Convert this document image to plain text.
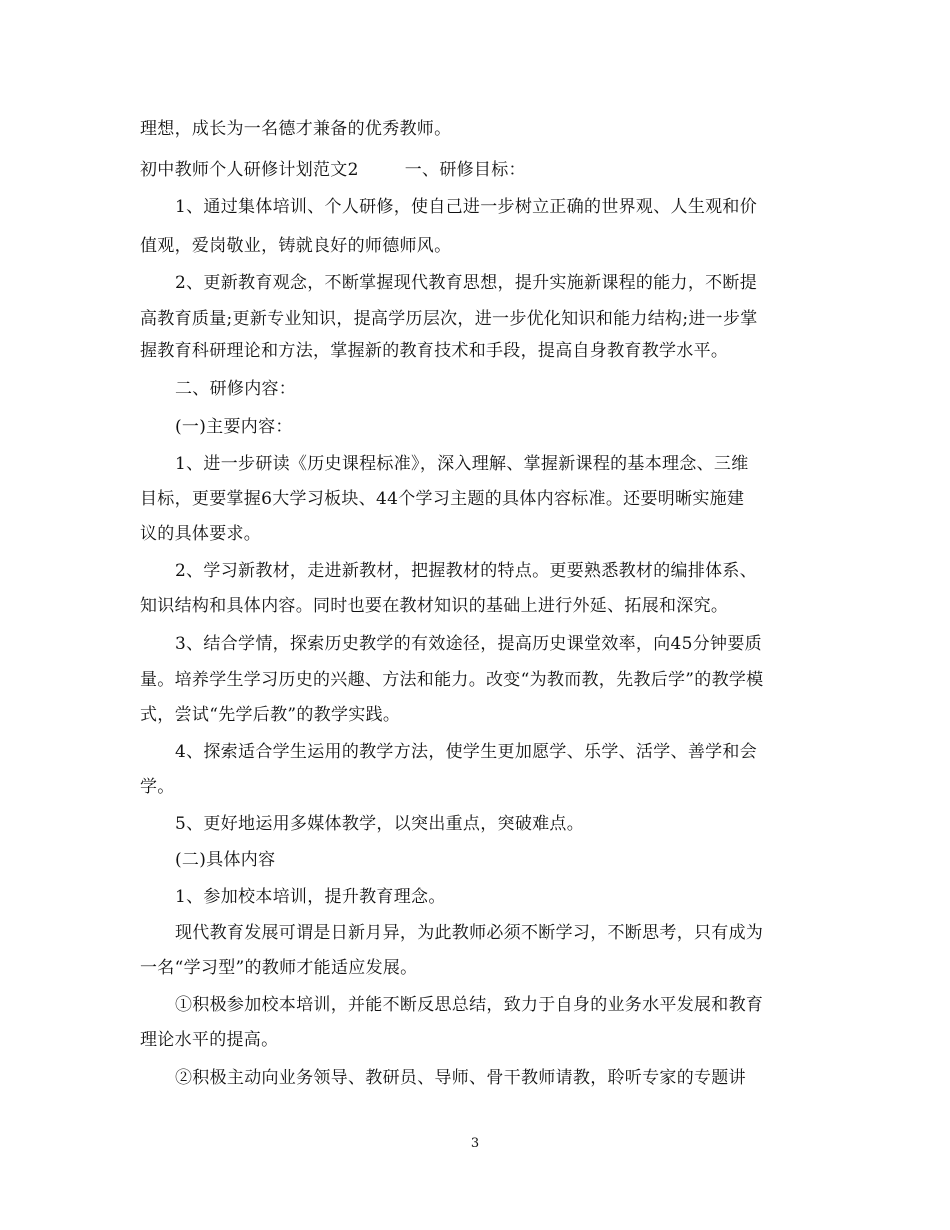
理想，成长为一名德才兼备的优秀教师。
初中教师个人研修计划范文2	一、研修目标：
1、通过集体培训、个人研修，使自己进一步树立正确的世界观、人生观和价
值观，爱岗敬业，铸就良好的师德师风。
2、更新教育观念，不断掌握现代教育思想，提升实施新课程的能力，不断提
高教育质量;更新专业知识，提高学历层次，进一步优化知识和能力结构;进一步掌
握教育科研理论和方法，掌握新的教育技术和手段，提高自身教育教学水平。
二、研修内容：
(一)主要内容：
1、进一步研读《历史课程标准》，深入理解、掌握新课程的基本理念、三维
目标，更要掌握6大学习板块、44个学习主题的具体内容标准。还要明晰实施建
议的具体要求。
2、学习新教材，走进新教材，把握教材的特点。更要熟悉教材的编排体系、
知识结构和具体内容。同时也要在教材知识的基础上进行外延、拓展和深究。
3、结合学情，探索历史教学的有效途径，提高历史课堂效率，向45分钟要质
量。培养学生学习历史的兴趣、方法和能力。改变“为教而教，先教后学”的教学模
式，尝试“先学后教”的教学实践。
4、探索适合学生运用的教学方法，使学生更加愿学、乐学、活学、善学和会
学。
5、更好地运用多媒体教学，以突出重点，突破难点。
(二)具体内容
1、参加校本培训，提升教育理念。
现代教育发展可谓是日新月异，为此教师必须不断学习，不断思考，只有成为
一名“学习型”的教师才能适应发展。
①积极参加校本培训，并能不断反思总结，致力于自身的业务水平发展和教育
理论水平的提高。
②积极主动向业务领导、教研员、导师、骨干教师请教，聆听专家的专题讲
3
